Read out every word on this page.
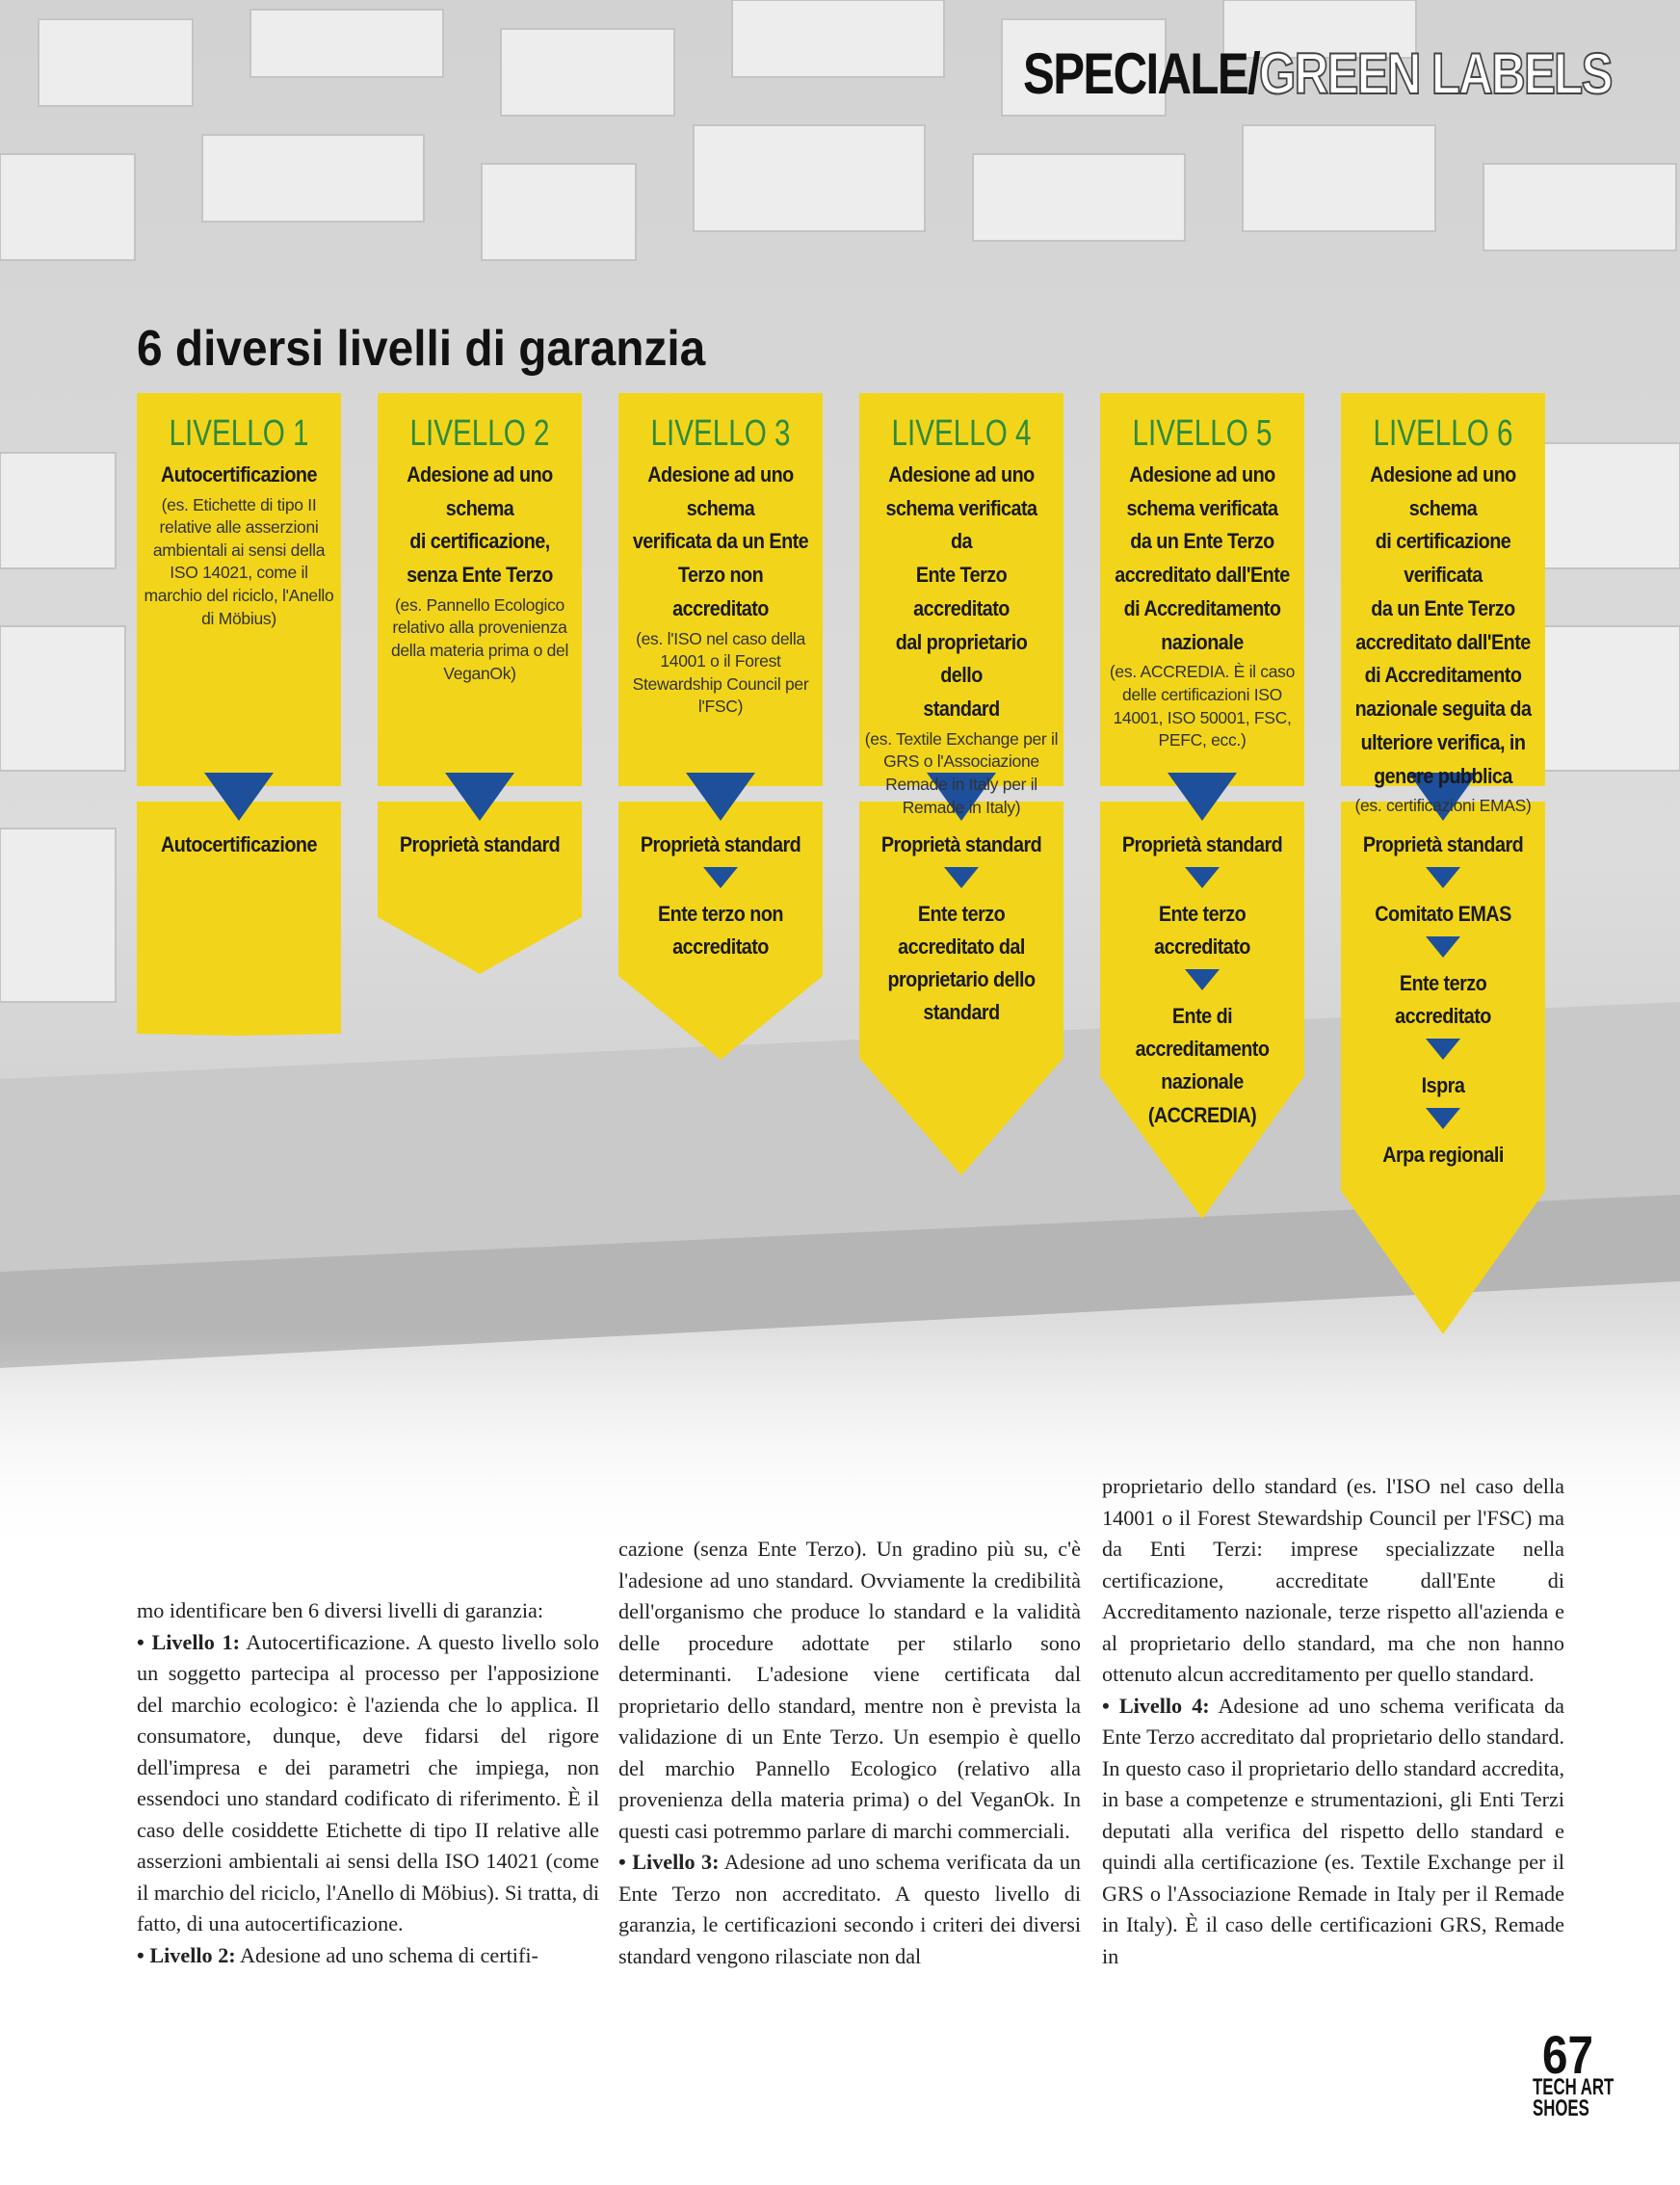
SPECIALE/GREEN LABELS
6 diversi livelli di garanzia
LIVELLO 1
Autocertificazione
(es. Etichette di tipo II relative alle asserzioni ambientali ai sensi della ISO 14021, come il marchio del riciclo, l'Anello di Möbius)
Autocertificazione
LIVELLO 2
Adesione ad uno schema
di certificazione,
senza Ente Terzo
(es. Pannello Ecologico relativo alla provenienza della materia prima o del VeganOk)
Proprietà standard
LIVELLO 3
Adesione ad uno schema
verificata da un Ente
Terzo non accreditato
(es. l'ISO nel caso della 14001 o il Forest Stewardship Council per l'FSC)
Proprietà standard
Ente terzo non accreditato
LIVELLO 4
Adesione ad uno
schema verificata da
Ente Terzo accreditato
dal proprietario dello
standard
(es. Textile Exchange per il GRS o l'Associazione Remade in Italy per il Remade in Italy)
Proprietà standard
Ente terzo accreditato dal proprietario dello standard
LIVELLO 5
Adesione ad uno
schema verificata
da un Ente Terzo
accreditato dall'Ente
di Accreditamento
nazionale
(es. ACCREDIA. È il caso delle certificazioni ISO 14001, ISO 50001, FSC, PEFC, ecc.)
Proprietà standard
Ente terzo accreditato
Ente di accreditamento nazionale (ACCREDIA)
LIVELLO 6
Adesione ad uno schema
di certificazione verificata
da un Ente Terzo
accreditato dall'Ente
di Accreditamento
nazionale seguita da
ulteriore verifica, in
genere pubblica
(es. certificazioni EMAS)
Proprietà standard
Comitato EMAS
Ente terzo accreditato
Ispra
Arpa regionali

mo identificare ben 6 diversi livelli di garanzia:

• Livello 1: Autocertificazione. A questo livello solo un soggetto partecipa al processo per l'apposizione del marchio ecologico: è l'azienda che lo applica. Il consumatore, dunque, deve fidarsi del rigore dell'impresa e dei parametri che impiega, non essendoci uno standard codificato di riferimento. È il caso delle cosiddette Etichette di tipo II relative alle asserzioni ambientali ai sensi della ISO 14021 (come il marchio del riciclo, l'Anello di Möbius). Si tratta, di fatto, di una autocertificazione.

• Livello 2: Adesione ad uno schema di certifi-

cazione (senza Ente Terzo). Un gradino più su, c'è l'adesione ad uno standard. Ovviamente la credibilità dell'organismo che produce lo standard e la validità delle procedure adottate per stilarlo sono determinanti. L'adesione viene certificata dal proprietario dello standard, mentre non è prevista la validazione di un Ente Terzo. Un esempio è quello del marchio Pannello Ecologico (relativo alla provenienza della materia prima) o del VeganOk. In questi casi potremmo parlare di marchi commerciali.

• Livello 3: Adesione ad uno schema verificata da un Ente Terzo non accreditato. A questo livello di garanzia, le certificazioni secondo i criteri dei diversi standard vengono rilasciate non dal

proprietario dello standard (es. l'ISO nel caso della 14001 o il Forest Stewardship Council per l'FSC) ma da Enti Terzi: imprese specializzate nella certificazione, accreditate dall'Ente di Accreditamento nazionale, terze rispetto all'azienda e al proprietario dello standard, ma che non hanno ottenuto alcun accreditamento per quello standard.

• Livello 4: Adesione ad uno schema verificata da Ente Terzo accreditato dal proprietario dello standard. In questo caso il proprietario dello standard accredita, in base a competenze e strumentazioni, gli Enti Terzi deputati alla verifica del rispetto dello standard e quindi alla certificazione (es. Textile Exchange per il GRS o l'Associazione Remade in Italy per il Remade in Italy). È il caso delle certificazioni GRS, Remade in

67
TECH ART
SHOES
